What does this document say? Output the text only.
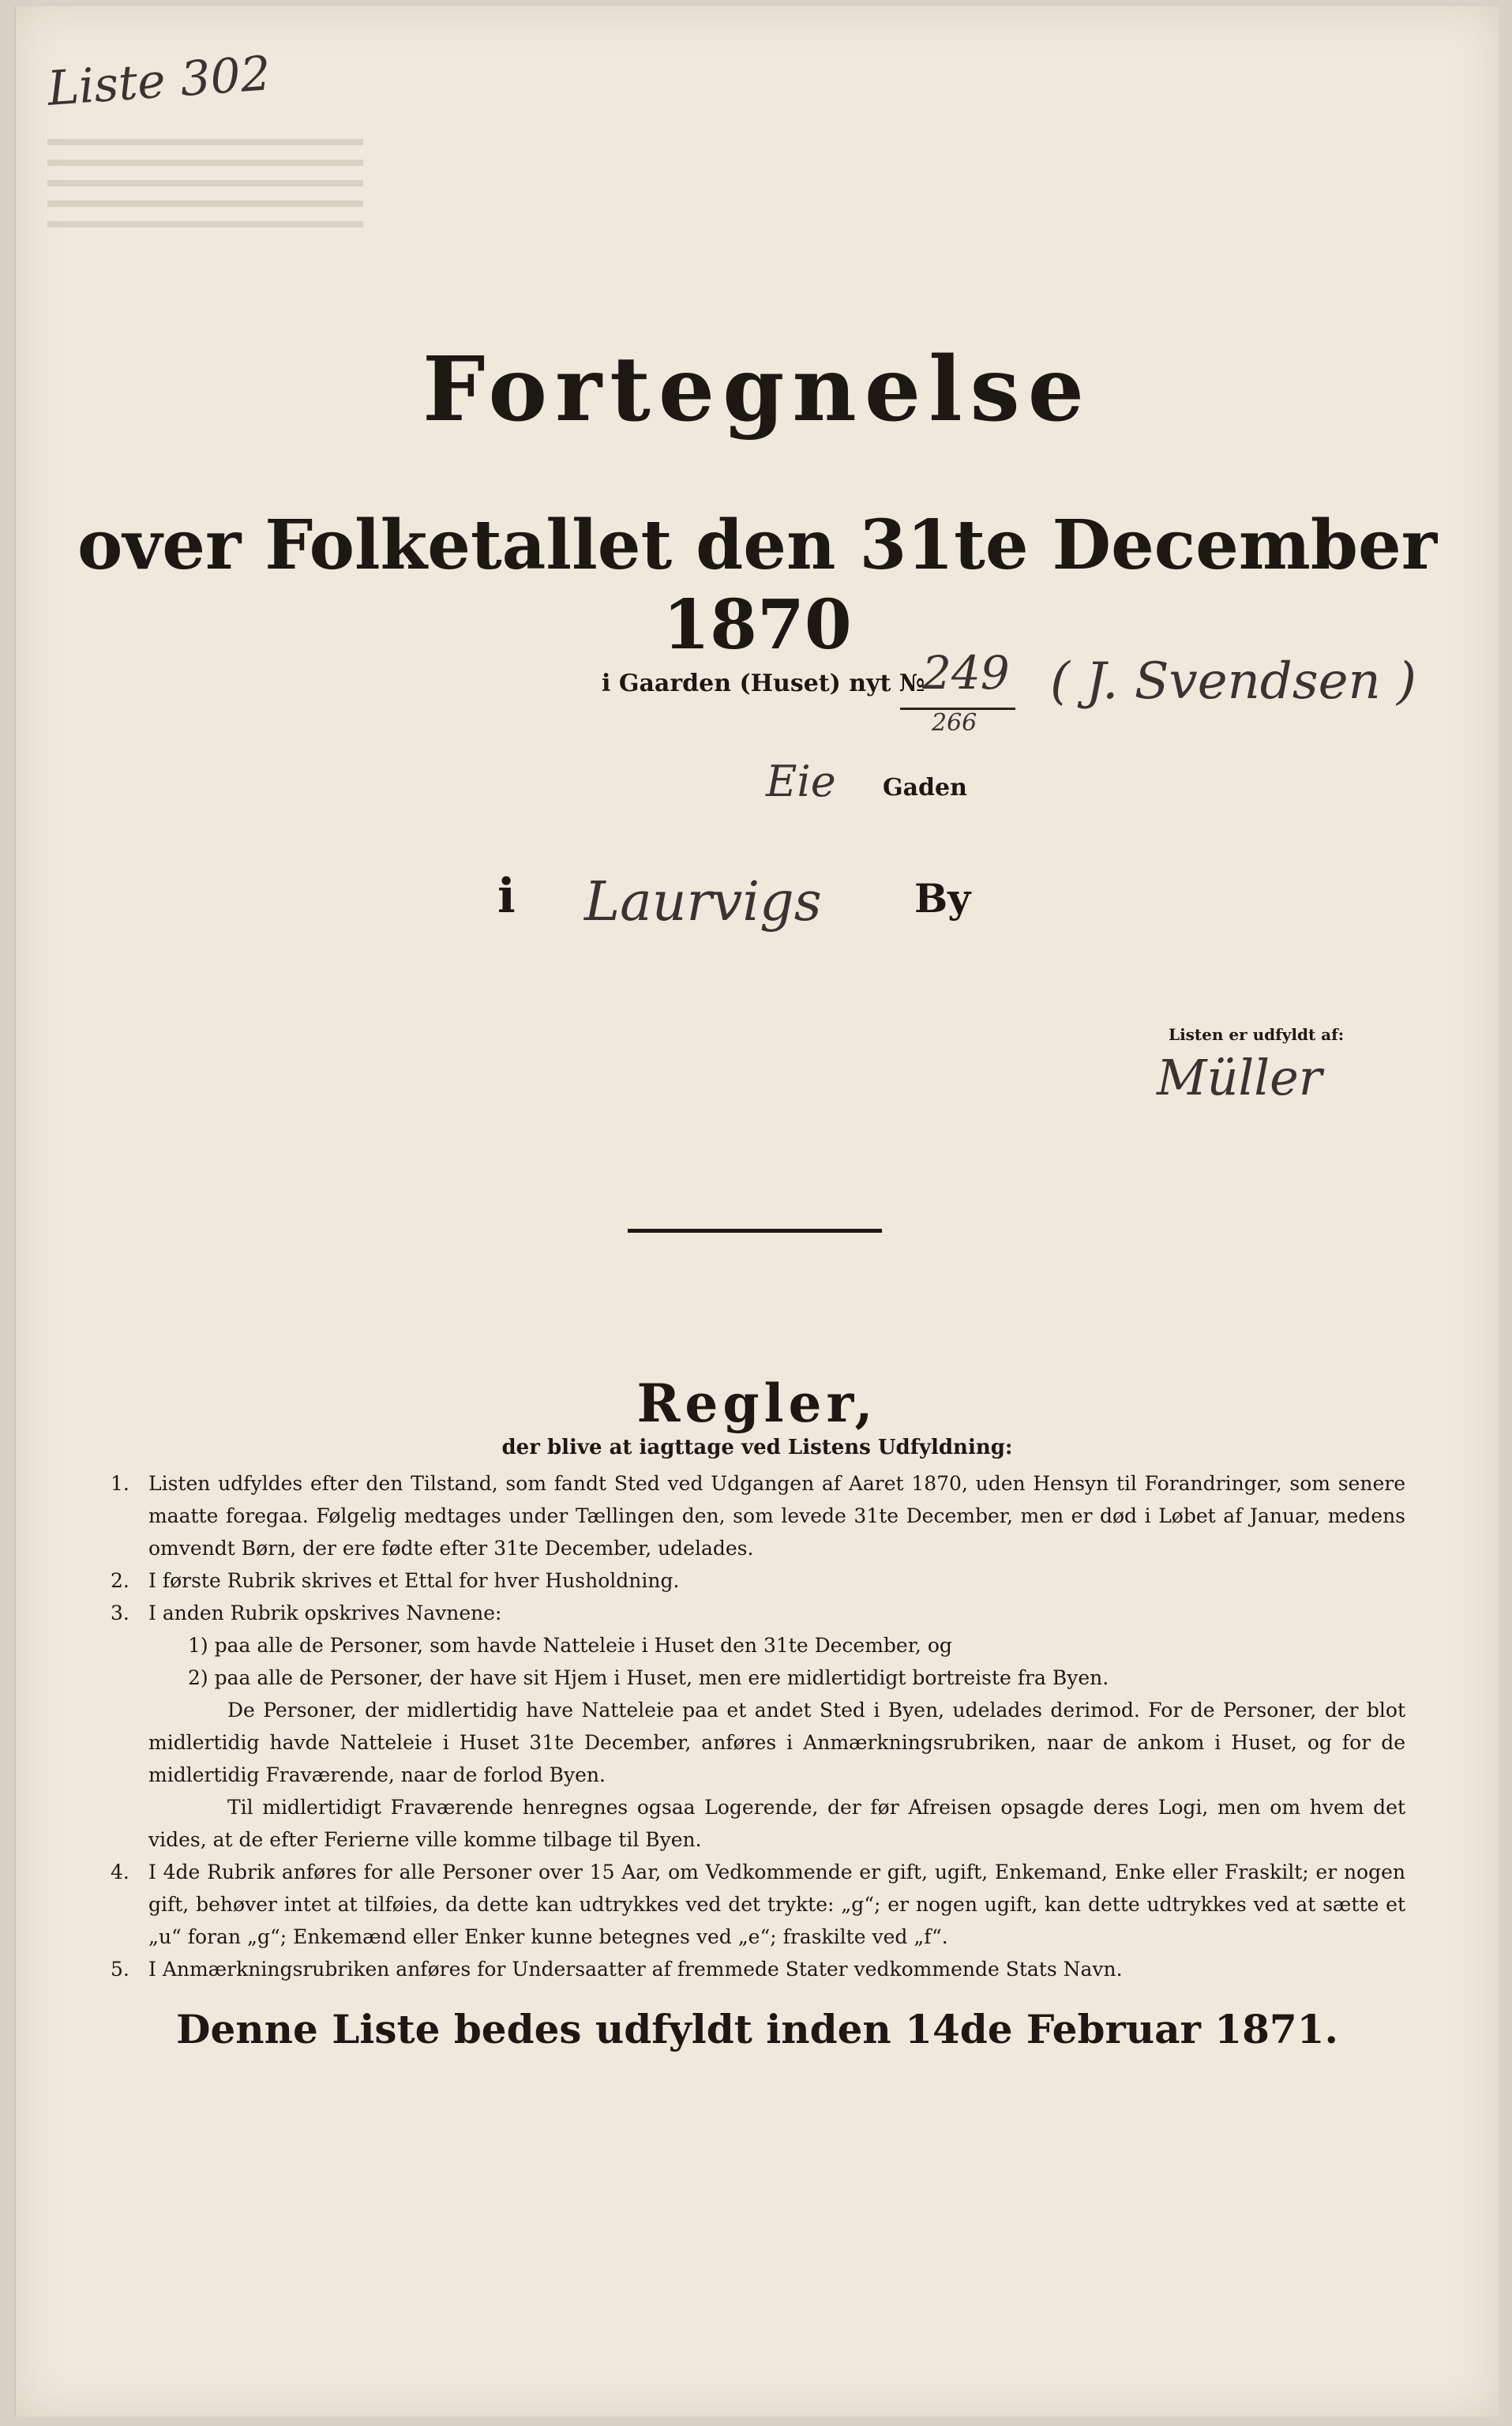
Liste 302
Fortegnelse
over Folketallet den 31te December 1870
i Gaarden (Huset) nyt №
249
266
( J. Svendsen )
Eie Gaden
i Laurvigs By
Listen er udfyldt af:
Müller
Regler,
der blive at iagttage ved Listens Udfyldning:
1. Listen udfyldes efter den Tilstand, som fandt Sted ved Udgangen af Aaret 1870, uden Hensyn til Forandringer, som senere maatte foregaa. Følgelig medtages under Tællingen den, som levede 31te December, men er død i Løbet af Januar, medens omvendt Børn, der ere fødte efter 31te December, udelades.
2. I første Rubrik skrives et Ettal for hver Husholdning.
3. I anden Rubrik opskrives Navnene:
1) paa alle de Personer, som havde Natteleie i Huset den 31te December, og
2) paa alle de Personer, der have sit Hjem i Huset, men ere midlertidigt bortreiste fra Byen.
De Personer, der midlertidig have Natteleie paa et andet Sted i Byen, udelades derimod. For de Personer, der blot midlertidig havde Natteleie i Huset 31te December, anføres i Anmærkningsrubriken, naar de ankom i Huset, og for de midlertidig Fraværende, naar de forlod Byen.
Til midlertidigt Fraværende henregnes ogsaa Logerende, der før Afreisen opsagde deres Logi, men om hvem det vides, at de efter Ferierne ville komme tilbage til Byen.
4. I 4de Rubrik anføres for alle Personer over 15 Aar, om Vedkommende er gift, ugift, Enkemand, Enke eller Fraskilt; er nogen gift, behøver intet at tilføies, da dette kan udtrykkes ved det trykte: „g“; er nogen ugift, kan dette udtrykkes ved at sætte et „u“ foran „g“; Enkemænd eller Enker kunne betegnes ved „e“; fraskilte ved „f“.
5. I Anmærkningsrubriken anføres for Undersaatter af fremmede Stater vedkommende Stats Navn.
Denne Liste bedes udfyldt inden 14de Februar 1871.
